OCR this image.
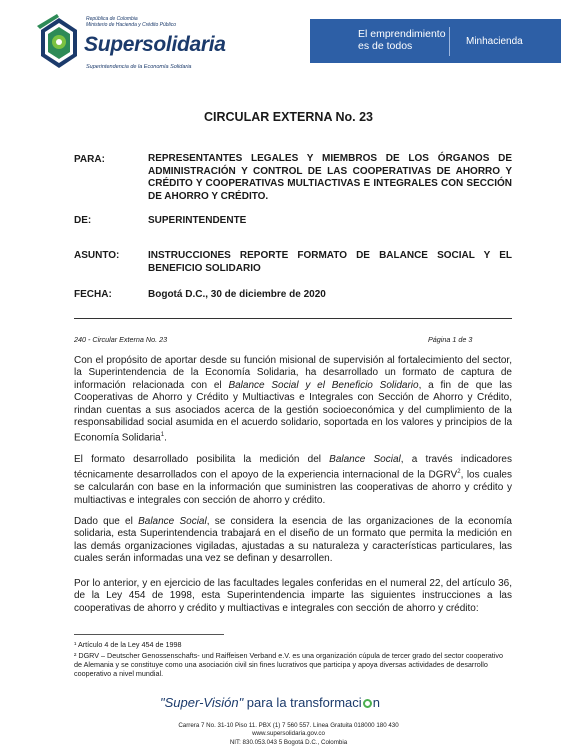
República de Colombia
Ministerio de Hacienda y Crédito Público
Supersolidaria
Superintendencia de la Economía Solidaria
El emprendimiento
es de todos	Minhacienda
CIRCULAR EXTERNA No. 23
PARA:	REPRESENTANTES LEGALES Y MIEMBROS DE LOS ÓRGANOS DE ADMINISTRACIÓN Y CONTROL DE LAS COOPERATIVAS DE AHORRO Y CRÉDITO Y COOPERATIVAS MULTIACTIVAS E INTEGRALES CON SECCIÓN DE AHORRO Y CRÉDITO.
DE:	SUPERINTENDENTE
ASUNTO:	INSTRUCCIONES REPORTE FORMATO DE BALANCE SOCIAL Y EL BENEFICIO SOLIDARIO
FECHA:	Bogotá D.C., 30 de diciembre de 2020
240 - Circular Externa No. 23	Página 1 de 3
Con el propósito de aportar desde su función misional de supervisión al fortalecimiento del sector, la Superintendencia de la Economía Solidaria, ha desarrollado un formato de captura de información relacionada con el Balance Social y el Beneficio Solidario, a fin de que las Cooperativas de Ahorro y Crédito y Multiactivas e Integrales con Sección de Ahorro y Crédito, rindan cuentas a sus asociados acerca de la gestión socioeconómica y del cumplimiento de la responsabilidad social asumida en el acuerdo solidario, soportada en los valores y principios de la Economía Solidaria$^1$.
El formato desarrollado posibilita la medición del Balance Social, a través indicadores técnicamente desarrollados con el apoyo de la experiencia internacional de la DGRV$^2$, los cuales se calcularán con base en la información que suministren las cooperativas de ahorro y crédito y multiactivas e integrales con sección de ahorro y crédito.
Dado que el Balance Social, se considera la esencia de las organizaciones de la economía solidaria, esta Superintendencia trabajará en el diseño de un formato que permita la medición en las demás organizaciones vigiladas, ajustadas a su naturaleza y características particulares, las cuales serán informadas una vez se definan y desarrollen.
Por lo anterior, y en ejercicio de las facultades legales conferidas en el numeral 22, del artículo 36, de la Ley 454 de 1998, esta Superintendencia imparte las siguientes instrucciones a las cooperativas de ahorro y crédito y multiactivas e integrales con sección de ahorro y crédito:
¹ Artículo 4 de la Ley 454 de 1998
² DGRV – Deutscher Genossenschafts- und Raiffeisen Verband e.V. es una organización cúpula de tercer grado del sector cooperativo de Alemania y se constituye como una asociación civil sin fines lucrativos que participa y apoya diversas actividades de desarrollo cooperativo a nivel mundial.
"Super-Visión" para la transformaci n
Carrera 7 No. 31-10 Piso 11. PBX (1) 7 560 557. Línea Gratuita 018000 180 430
www.supersolidaria.gov.co
NIT: 830.053.043 5 Bogotá D.C., Colombia
